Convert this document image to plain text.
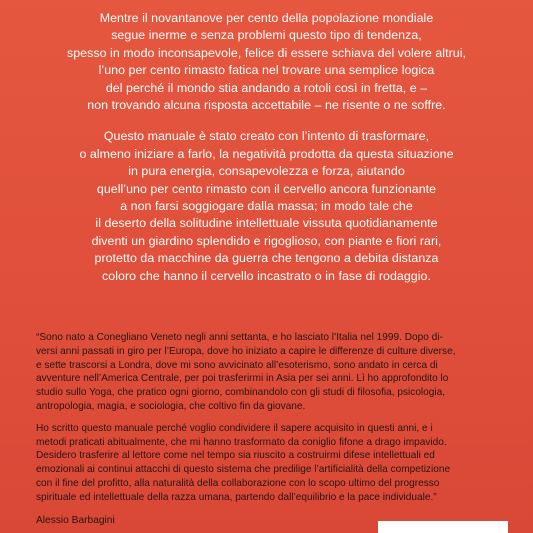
Mentre il novantanove per cento della popolazione mondiale
segue inerme e senza problemi questo tipo di tendenza,
spesso in modo inconsapevole, felice di essere schiava del volere altrui,
l’uno per cento rimasto fatica nel trovare una semplice logica
del perché il mondo stia andando a rotoli così in fretta, e –
non trovando alcuna risposta accettabile – ne risente o ne soffre.

Questo manuale è stato creato con l’intento di trasformare,
o almeno iniziare a farlo, la negatività prodotta da questa situazione
in pura energia, consapevolezza e forza, aiutando
quell’uno per cento rimasto con il cervello ancora funzionante
a non farsi soggiogare dalla massa; in modo tale che
il deserto della solitudine intellettuale vissuta quotidianamente
diventi un giardino splendido e rigoglioso, con piante e fiori rari,
protetto da macchine da guerra che tengono a debita distanza
coloro che hanno il cervello incastrato o in fase di rodaggio.

“Sono nato a Conegliano Veneto negli anni settanta, e ho lasciato l’Italia nel 1999. Dopo di-
versi anni passati in giro per l’Europa, dove ho iniziato a capire le differenze di culture diverse,
e sette trascorsi a Londra, dove mi sono avvicinato all’esoterismo, sono andato in cerca di
avventure nell’America Centrale, per poi trasferirmi in Asia per sei anni. Lì ho approfondito lo
studio sullo Yoga, che pratico ogni giorno, combinandolo con gli studi di filosofia, psicologia,
antropologia, magia, e sociologia, che coltivo fin da giovane.

Ho scritto questo manuale perché voglio condividere il sapere acquisito in questi anni, e i
metodi praticati abitualmente, che mi hanno trasformato da coniglio fifone a drago impavido.
Desidero trasferire al lettore come nel tempo sia riuscito a costruirmi difese intellettuali ed
emozionali ai continui attacchi di questo sistema che predilige l’artificialità della competizione
con il fine del profitto, alla naturalità della collaborazione con lo scopo ultimo del progresso
spirituale ed intellettuale della razza umana, partendo dall’equilibrio e la pace individuale.”

Alessio Barbagini
